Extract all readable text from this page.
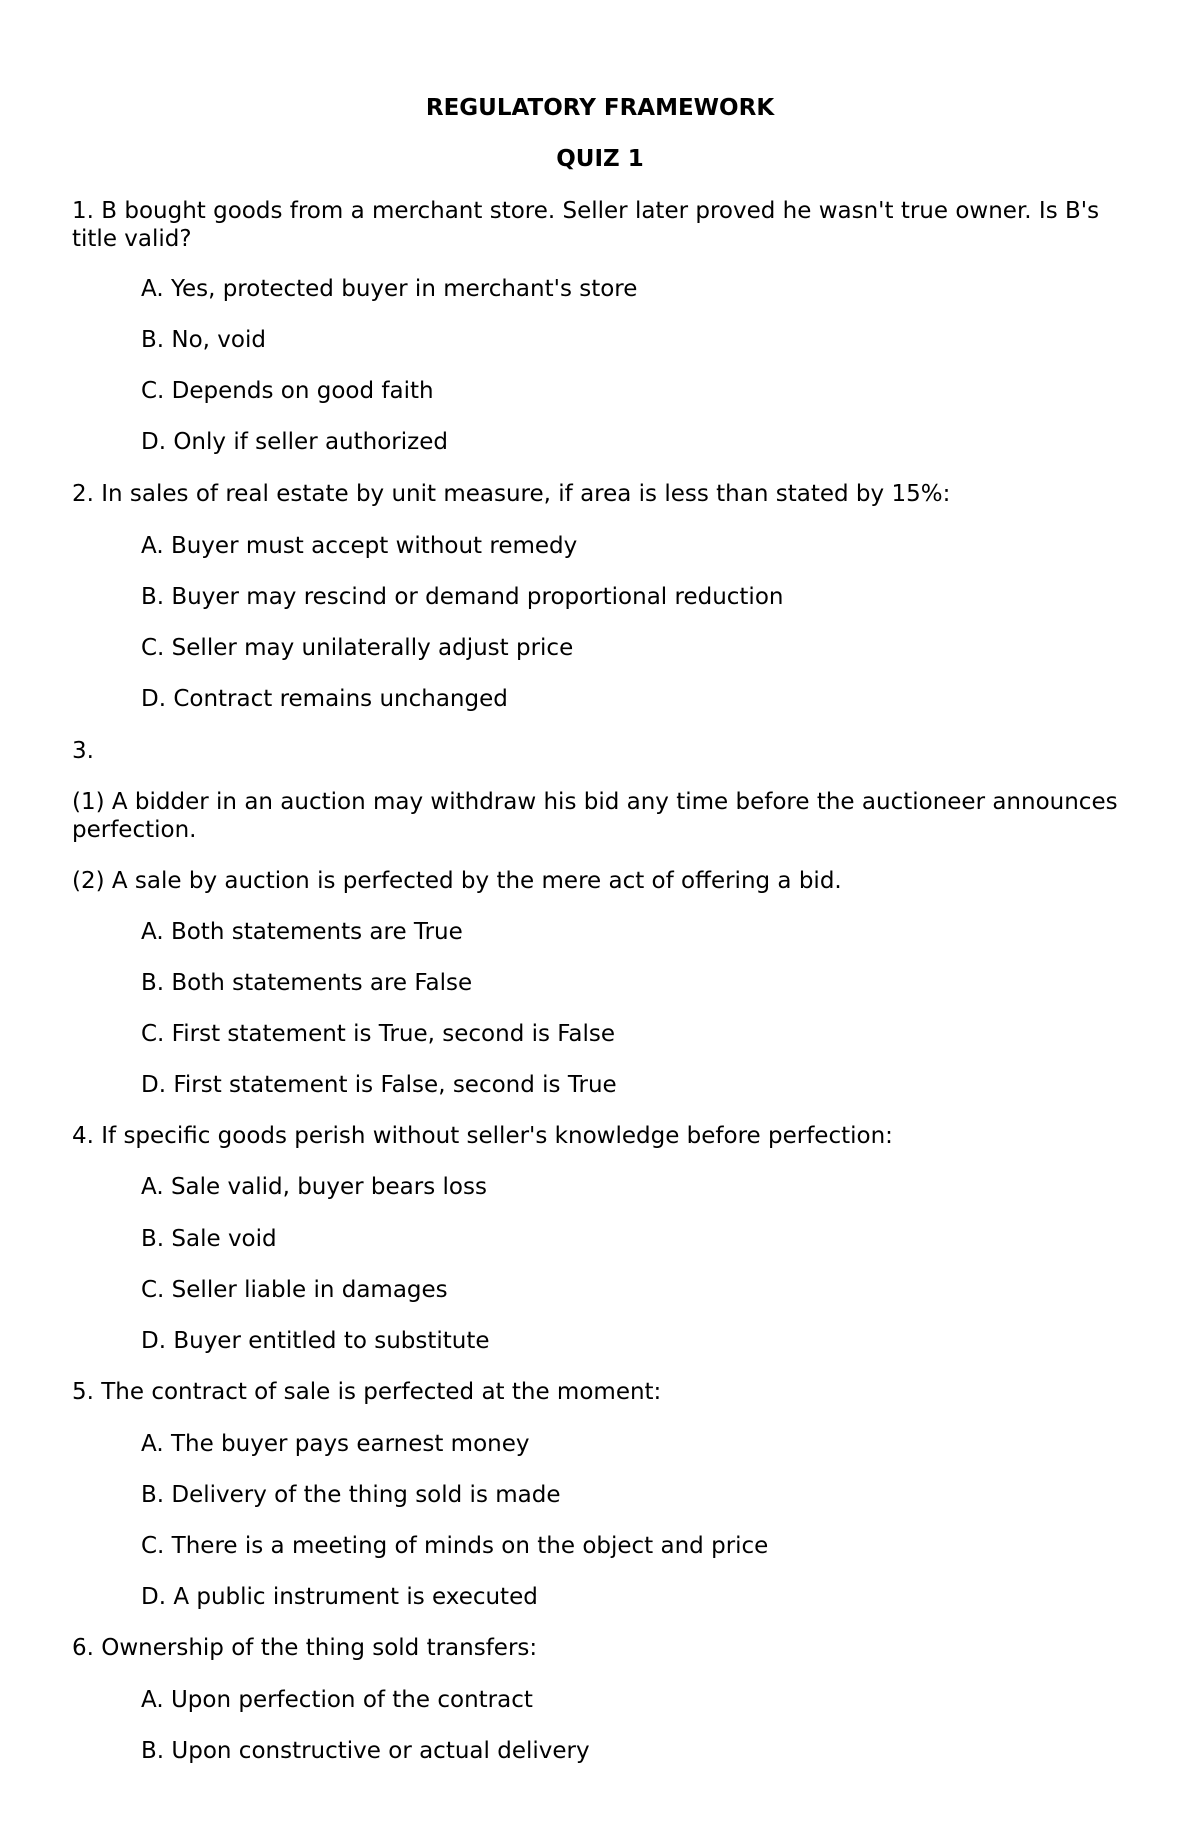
REGULATORY FRAMEWORK

QUIZ 1

1. B bought goods from a merchant store. Seller later proved he wasn't true owner. Is B's title valid?

A. Yes, protected buyer in merchant's store

B. No, void

C. Depends on good faith

D. Only if seller authorized

2. In sales of real estate by unit measure, if area is less than stated by 15%:

A. Buyer must accept without remedy

B. Buyer may rescind or demand proportional reduction

C. Seller may unilaterally adjust price

D. Contract remains unchanged

3.

(1) A bidder in an auction may withdraw his bid any time before the auctioneer announces perfection.

(2) A sale by auction is perfected by the mere act of offering a bid.

A. Both statements are True

B. Both statements are False

C. First statement is True, second is False

D. First statement is False, second is True

4. If specific goods perish without seller's knowledge before perfection:

A. Sale valid, buyer bears loss

B. Sale void

C. Seller liable in damages

D. Buyer entitled to substitute

5. The contract of sale is perfected at the moment:

A. The buyer pays earnest money

B. Delivery of the thing sold is made

C. There is a meeting of minds on the object and price

D. A public instrument is executed

6. Ownership of the thing sold transfers:

A. Upon perfection of the contract

B. Upon constructive or actual delivery
